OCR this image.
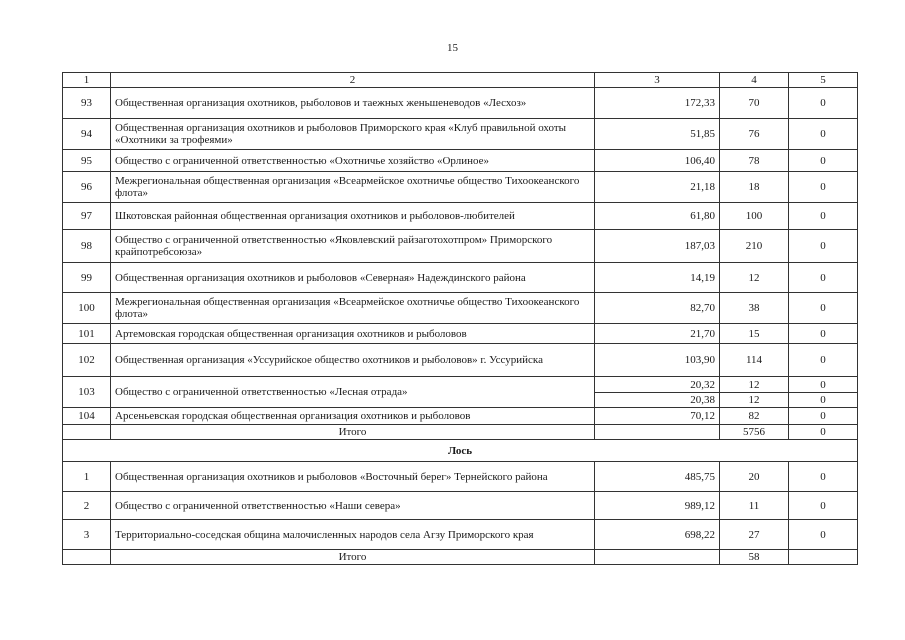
15
1	2	3	4	5
93	Общественная организация охотников, рыболовов и таежных женьшеневодов «Лесхоз»	172,33	70	0
94	Общественная организация охотников и рыболовов Приморского края «Клуб правильной охоты «Охотники за трофеями»	51,85	76	0
95	Общество с ограниченной ответственностью «Охотничье хозяйство «Орлиное»	106,40	78	0
96	Межрегиональная общественная организация «Всеармейское охотничье общество Тихоокеанского флота»	21,18	18	0
97	Шкотовская районная общественная организация охотников и рыболовов-любителей	61,80	100	0
98	Общество с ограниченной ответственностью «Яковлевский райзаготохотпром» Приморского крайпотребсоюза»	187,03	210	0
99	Общественная организация охотников и рыболовов «Северная» Надеждинского района	14,19	12	0
100	Межрегиональная общественная организация «Всеармейское охотничье общество Тихоокеанского флота»	82,70	38	0
101	Артемовская городская общественная организация охотников и рыболовов	21,70	15	0
102	Общественная организация «Уссурийское общество охотников и рыболовов» г. Уссурийска	103,90	114	0
103	Общество с ограниченной ответственностью «Лесная отрада»	20,32	12	0
		20,38	12	0
104	Арсеньевская городская общественная организация охотников и рыболовов	70,12	82	0
	Итого		5756	0
Лось				
1	Общественная организация охотников и рыболовов «Восточный берег» Тернейского района	485,75	20	0
2	Общество с ограниченной ответственностью «Наши севера»	989,12	11	0
3	Территориально-соседская община малочисленных народов села Агзу Приморского края	698,22	27	0
	Итого		58	
